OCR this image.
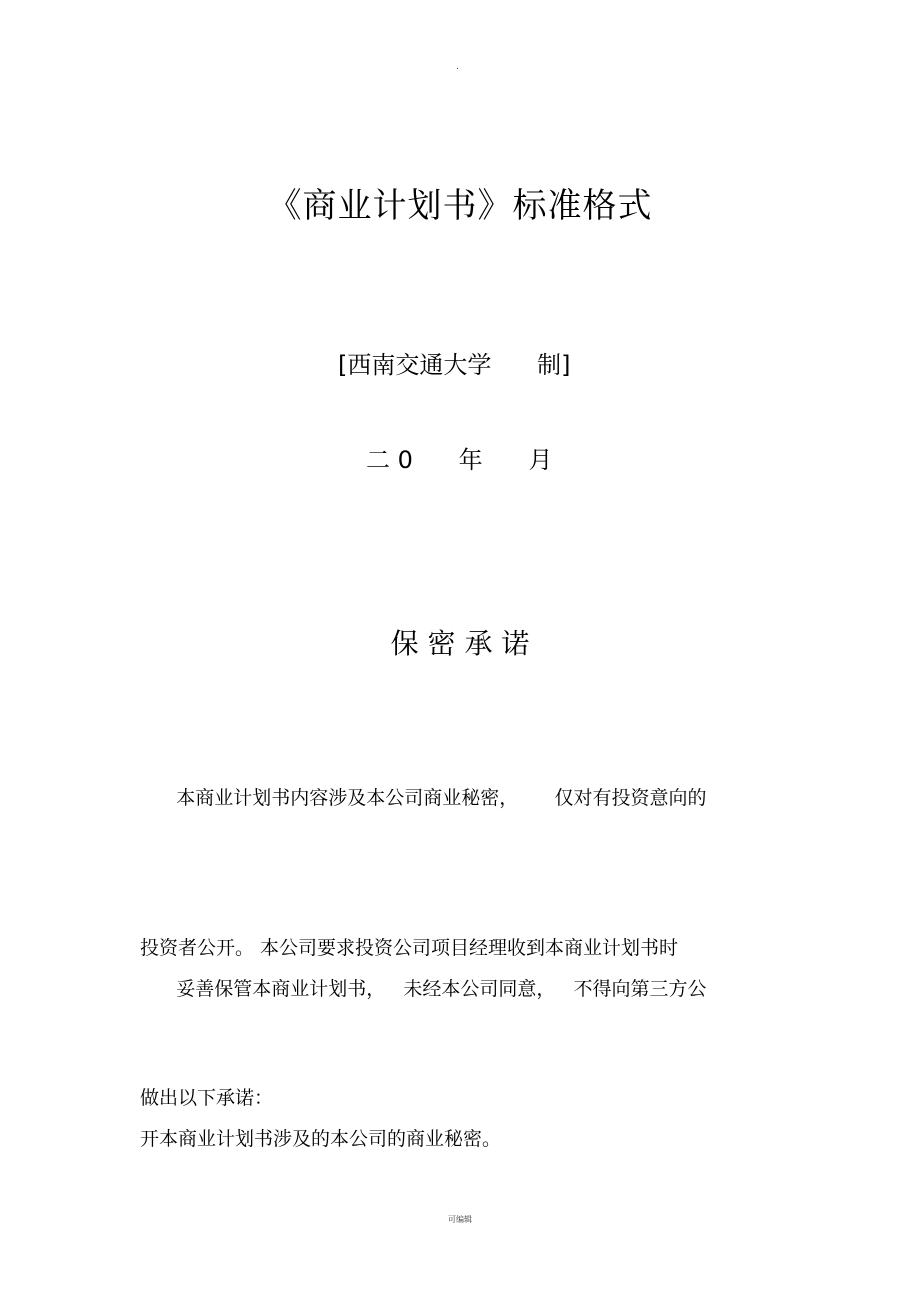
.
《商业计划书》标准格式
[西南交通大学      制]
二 0      年      月
保 密 承 诺

本商业计划书内容涉及本公司商业秘密，      仅对有投资意向的

投资者公开。 本公司要求投资公司项目经理收到本商业计划书时

做出以下承诺：

妥善保管本商业计划书，   未经本公司同意，   不得向第三方公

开本商业计划书涉及的本公司的商业秘密。

可编辑
